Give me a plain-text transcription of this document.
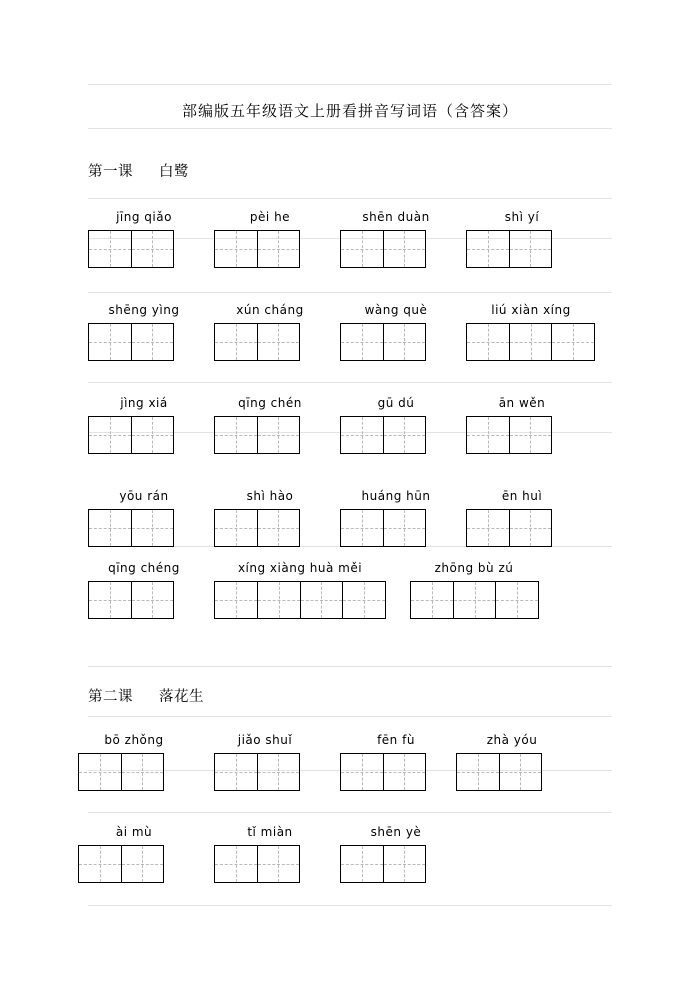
部编版五年级语文上册看拼音写词语（含答案）
第一课 白鹭
jīng qiǎo	pèi he	shēn duàn	shì yí
shēng yìng	xún cháng	wàng què	liú xiàn xíng
jìng xiá	qīng chén	gū dú	ān wěn
yōu rán	shì hào	huáng hūn	ēn huì
qīng chéng	xíng xiàng huà měi	zhōng bù zú
第二课 落花生
bō zhǒng	jiǎo shuǐ	fēn fù	zhà yóu
ài mù	tǐ miàn	shēn yè
